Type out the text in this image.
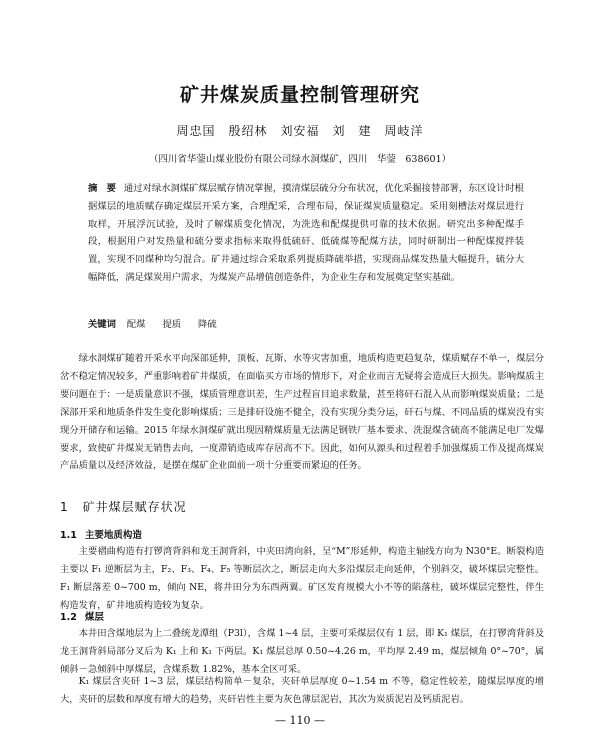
矿井煤炭质量控制管理研究
周忠国　殷绍林　刘安福　刘　建　周岐洋
（四川省华蓥山煤业股份有限公司绿水洞煤矿，四川　华蓥　638601）
摘　要 通过对绿水洞煤矿煤层赋存情况掌握，摸清煤层硫分分布状况，优化采掘接替部署，东区设计时根据煤层的地质赋存确定煤层开采方案，合理配采，合理布局，保证煤炭质量稳定。采用刻槽法对煤层进行取样，开展浮沉试验，及时了解煤质变化情况，为洗选和配煤提供可靠的技术依据。研究出多种配煤手段，根据用户对发热量和硫分要求指标来取得低硫矸、低硫煤等配煤方法，同时研制出一种配煤搅拌装置，实现不同煤种均匀混合。矿井通过综合采取系列提质降硫举措，实现商品煤发热量大幅提升，硫分大幅降低，满足煤炭用户需求，为煤炭产品增值创造条件，为企业生存和发展奠定坚实基础。
关键词 配煤 提质 降硫
绿水洞煤矿随着开采水平向深部延伸，顶板、瓦斯、水等灾害加重，地质构造更趋复杂，煤质赋存不单一，煤层分岔不稳定情况较多，严重影响着矿井煤质，在面临买方市场的情形下，对企业而言无疑将会造成巨大损失。影响煤质主要问题在于：一是质量意识不强，煤质管理意识差，生产过程盲目追求数量，甚至将矸石混入从而影响煤炭质量；二是深部开采和地质条件发生变化影响煤质；三是排矸设施不健全，没有实现分类分运，矸石与煤、不同品质的煤炭没有实现分开储存和运输。2015 年绿水洞煤矿就出现因精煤质量无法满足钢铁厂基本要求、洗混煤含硫高不能满足电厂发爆要求，致使矿井煤炭无销售去向，一度滞销造成库存居高不下。因此，如何从源头和过程着手加强煤质工作及提高煤炭产品质量以及经济效益，是摆在煤矿企业面前一项十分重要而紧迫的任务。
1 矿井煤层赋存状况
1.1 主要地质构造
主要褶曲构造有打锣湾背斜和龙王洞背斜，中夹田湾向斜，呈“M”形延伸，构造主轴线方向为 N30°E。断裂构造主要以 F₁ 逆断层为主，F₂、F₃、F₄、F₅ 等断层次之，断层走向大多沿煤层走向延伸，个别斜交，破坏煤层完整性。F₁ 断层落差 0~700 m，倾向 NE，将井田分为东西两翼。矿区发育规模大小不等的陷落柱，破坏煤层完整性，伴生构造发育，矿井地质构造较为复杂。
1.2 煤层
本井田含煤地层为上二叠统龙潭组（P3l），含煤 1~4 层，主要可采煤层仅有 1 层，即 K₁ 煤层，在打锣湾背斜及龙王洞背斜局部分叉后为 K₁ 上和 K₁ 下两层。K₁ 煤层总厚 0.50~4.26 m，平均厚 2.49 m，煤层倾角 0°~70°，属倾斜－急倾斜中厚煤层，含煤系数 1.82%，基本全区可采。
K₁ 煤层含夹矸 1~3 层，煤层结构简单－复杂，夹矸单层厚度 0~1.54 m 不等，稳定性较差，随煤层厚度的增大，夹矸的层数和厚度有增大的趋势，夹矸岩性主要为灰色薄层泥岩，其次为炭质泥岩及钙质泥岩。
— 110 —
